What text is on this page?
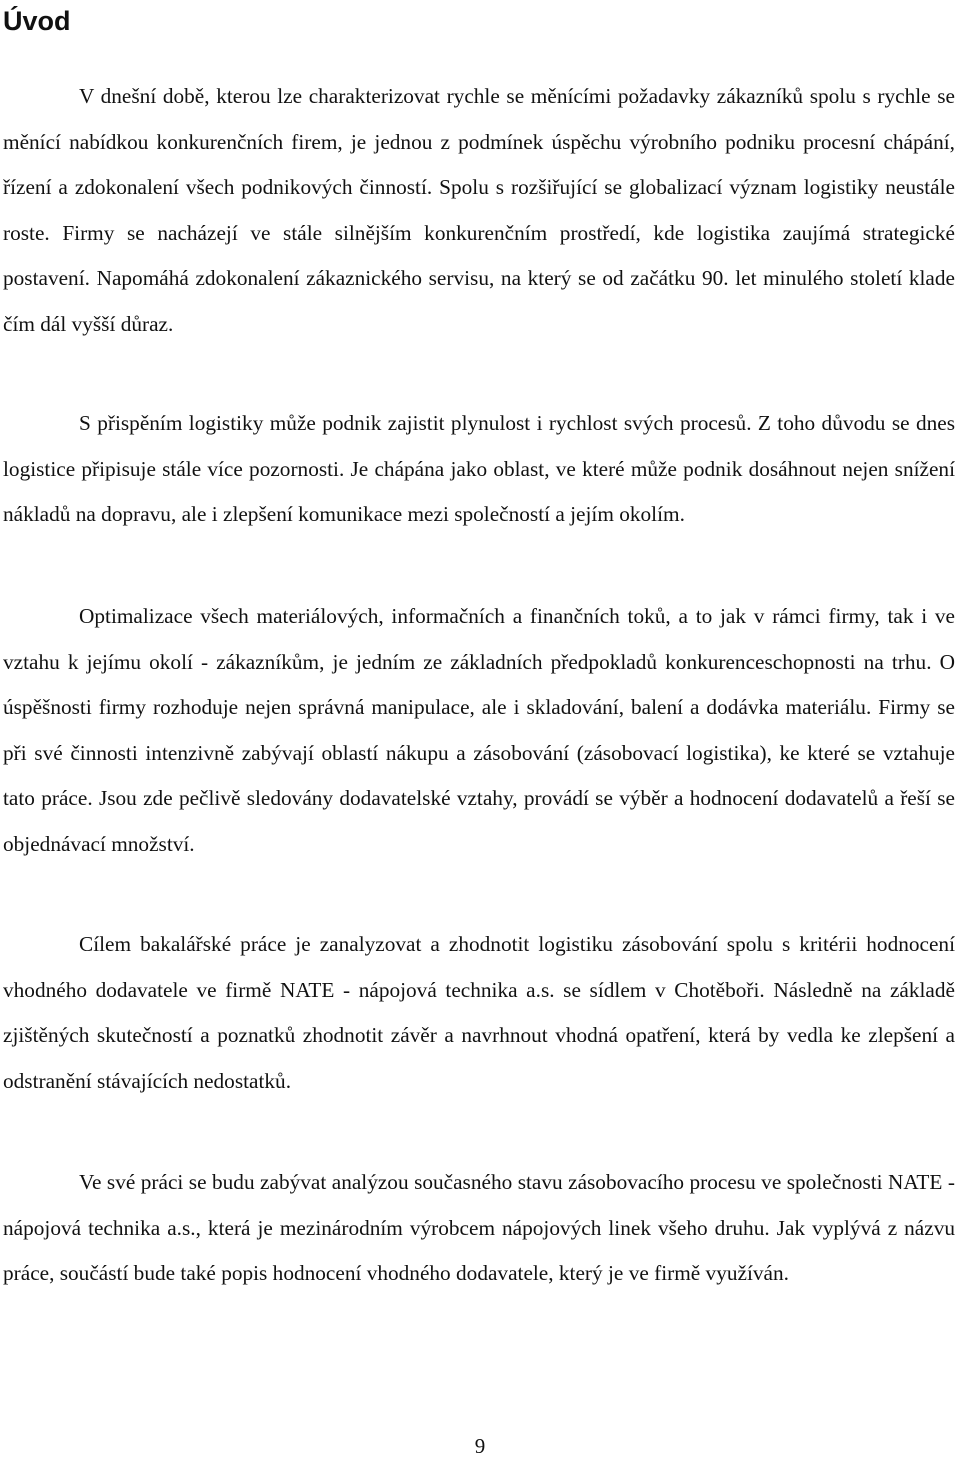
Úvod

V dnešní době, kterou lze charakterizovat rychle se měnícími požadavky zákazníků spolu s rychle se měnící nabídkou konkurenčních firem, je jednou z podmínek úspěchu výrobního podniku procesní chápání, řízení a zdokonalení všech podnikových činností. Spolu s rozšiřující se globalizací význam logistiky neustále roste. Firmy se nacházejí ve stále silnějším konkurenčním prostředí, kde logistika zaujímá strategické postavení. Napomáhá zdokonalení zákaznického servisu, na který se od začátku 90. let minulého století klade čím dál vyšší důraz.

S přispěním logistiky může podnik zajistit plynulost i rychlost svých procesů. Z toho důvodu se dnes logistice připisuje stále více pozornosti. Je chápána jako oblast, ve které může podnik dosáhnout nejen snížení nákladů na dopravu, ale i zlepšení komunikace mezi společností a jejím okolím.

Optimalizace všech materiálových, informačních a finančních toků, a to jak v rámci firmy, tak i ve vztahu k jejímu okolí - zákazníkům, je jedním ze základních předpokladů konkurenceschopnosti na trhu. O úspěšnosti firmy rozhoduje nejen správná manipulace, ale i skladování, balení a dodávka materiálu. Firmy se při své činnosti intenzivně zabývají oblastí nákupu a zásobování (zásobovací logistika), ke které se vztahuje tato práce. Jsou zde pečlivě sledovány dodavatelské vztahy, provádí se výběr a hodnocení dodavatelů a řeší se objednávací množství.

Cílem bakalářské práce je zanalyzovat a zhodnotit logistiku zásobování spolu s kritérii hodnocení vhodného dodavatele ve firmě NATE - nápojová technika a.s. se sídlem v Chotěboři. Následně na základě zjištěných skutečností a poznatků zhodnotit závěr a navrhnout vhodná opatření, která by vedla ke zlepšení a odstranění stávajících nedostatků.

Ve své práci se budu zabývat analýzou současného stavu zásobovacího procesu ve společnosti NATE - nápojová technika a.s., která je mezinárodním výrobcem nápojových linek všeho druhu. Jak vyplývá z názvu práce, součástí bude také popis hodnocení vhodného dodavatele, který je ve firmě využíván.

9
